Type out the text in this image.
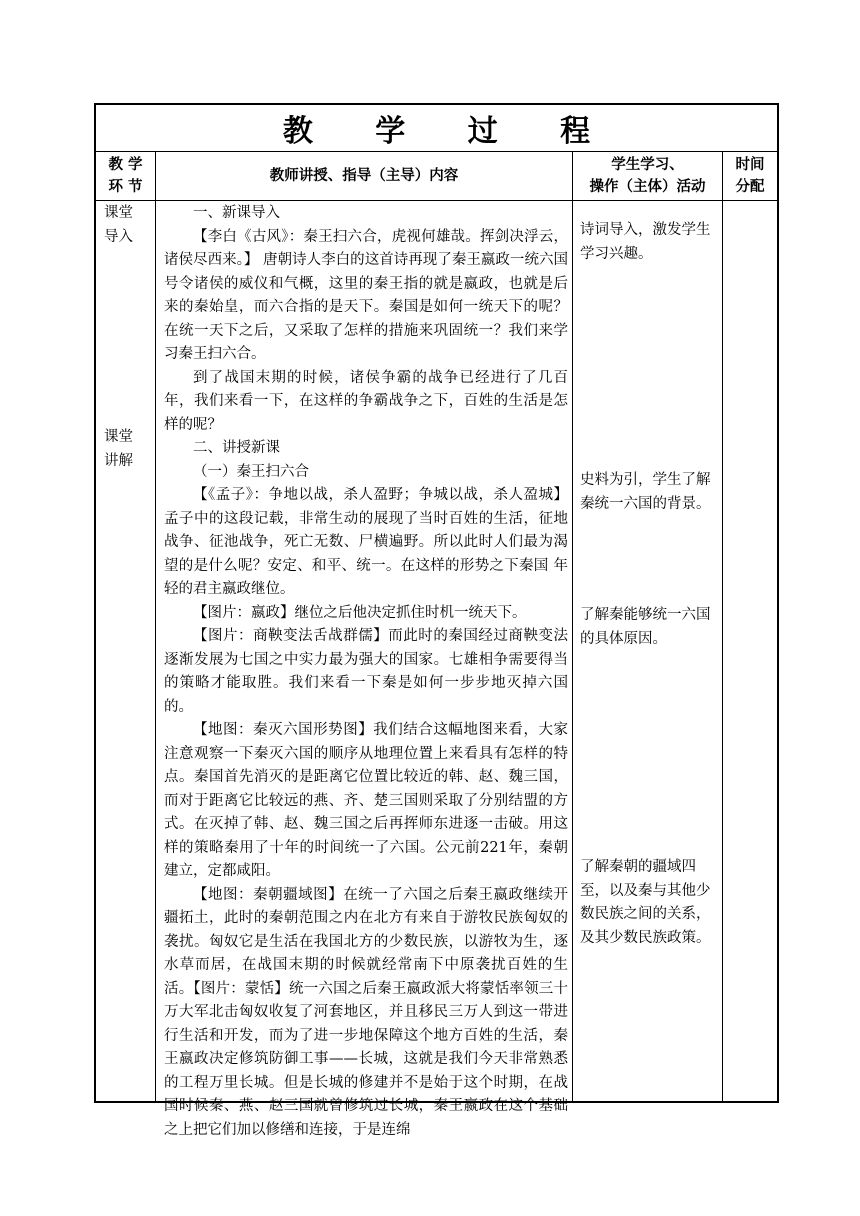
教 学 过 程
教 学
环 节
教师讲授、指导（主导）内容
学生学习、
操作（主体）活动
时间
分配
课堂
导入
课堂
讲解

一、新课导入

【李白《古风》：秦王扫六合，虎视何雄哉。挥剑决浮云，诸侯尽西来。】 唐朝诗人李白的这首诗再现了秦王嬴政一统六国号令诸侯的威仪和气概，这里的秦王指的就是嬴政，也就是后来的秦始皇，而六合指的是天下。秦国是如何一统天下的呢？在统一天下之后，又采取了怎样的措施来巩固统一？我们来学习秦王扫六合。

到了战国末期的时候，诸侯争霸的战争已经进行了几百年，我们来看一下，在这样的争霸战争之下，百姓的生活是怎样的呢？

二、讲授新课

（一）秦王扫六合

【《孟子》：争地以战，杀人盈野；争城以战，杀人盈城】孟子中的这段记载，非常生动的展现了当时百姓的生活，征地战争、征池战争，死亡无数、尸横遍野。所以此时人们最为渴望的是什么呢？安定、和平、统一。在这样的形势之下秦国 年轻的君主嬴政继位。

【图片：嬴政】继位之后他决定抓住时机一统天下。

【图片：商鞅变法舌战群儒】而此时的秦国经过商鞅变法逐渐发展为七国之中实力最为强大的国家。七雄相争需要得当的策略才能取胜。我们来看一下秦是如何一步步地灭掉六国的。

【地图：秦灭六国形势图】我们结合这幅地图来看，大家注意观察一下秦灭六国的顺序从地理位置上来看具有怎样的特点。秦国首先消灭的是距离它位置比较近的韩、赵、魏三国，而对于距离它比较远的燕、齐、楚三国则采取了分别结盟的方式。在灭掉了韩、赵、魏三国之后再挥师东进逐一击破。用这样的策略秦用了十年的时间统一了六国。公元前221年，秦朝建立，定都咸阳。

【地图：秦朝疆域图】在统一了六国之后秦王嬴政继续开疆拓土，此时的秦朝范围之内在北方有来自于游牧民族匈奴的袭扰。匈奴它是生活在我国北方的少数民族，以游牧为生，逐水草而居，在战国末期的时候就经常南下中原袭扰百姓的生活。【图片：蒙恬】统一六国之后秦王嬴政派大将蒙恬率领三十万大军北击匈奴收复了河套地区，并且移民三万人到这一带进行生活和开发，而为了进一步地保障这个地方百姓的生活，秦王嬴政决定修筑防御工事——长城，这就是我们今天非常熟悉的工程万里长城。但是长城的修建并不是始于这个时期，在战国时候秦、燕、赵三国就曾修筑过长城，秦王嬴政在这个基础之上把它们加以修缮和连接，于是连绵

诗词导入，激发学生学习兴趣。
史料为引，学生了解秦统一六国的背景。
了解秦能够统一六国的具体原因。
了解秦朝的疆域四至，以及秦与其他少数民族之间的关系，及其少数民族政策。
